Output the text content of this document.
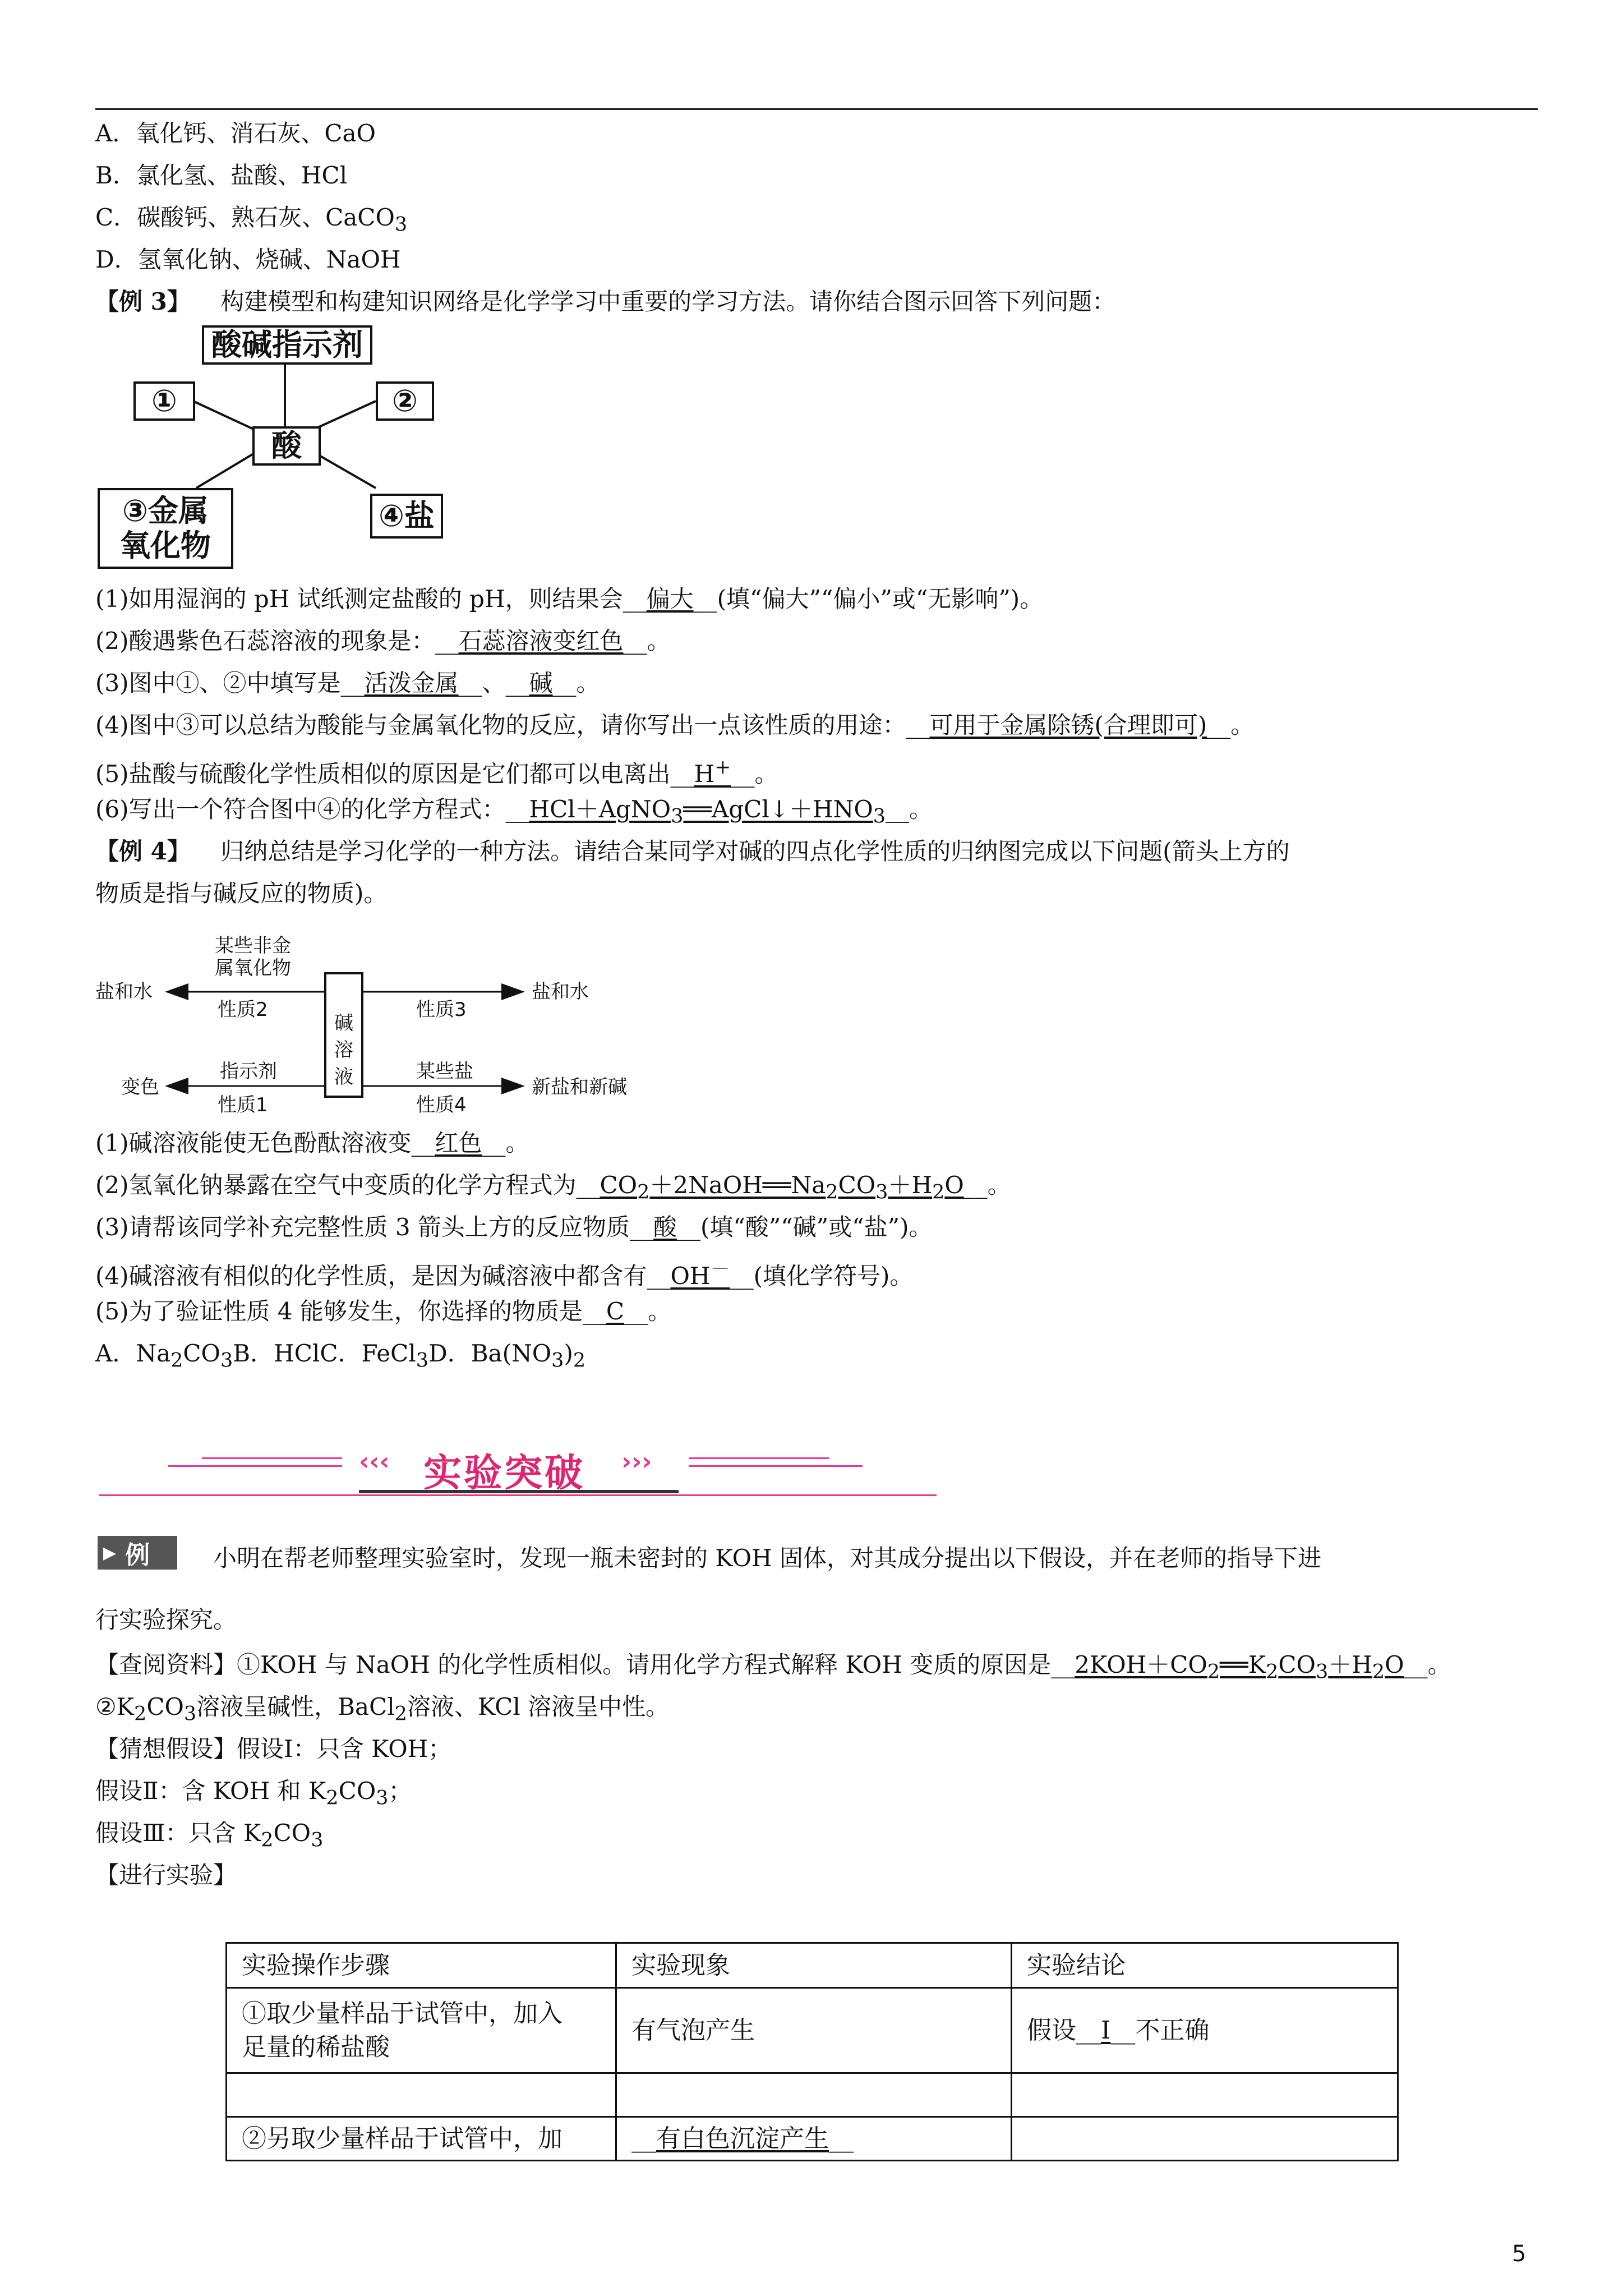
A．氧化钙、消石灰、CaO
B．氯化氢、盐酸、HCl
C．碳酸钙、熟石灰、CaCO$_3$
D．氢氧化钠、烧碱、NaOH
【例 3】 构建模型和构建知识网络是化学学习中重要的学习方法。请你结合图示回答下列问题：
酸碱指示剂
①	②
酸
③金属
氧化物
④盐
(1)如用湿润的 pH 试纸测定盐酸的 pH，则结果会__偏大__(填“偏大”“偏小”或“无影响”)。
(2)酸遇紫色石蕊溶液的现象是：__石蕊溶液变红色__。
(3)图中①、②中填写是__活泼金属__、__碱__。
(4)图中③可以总结为酸能与金属氧化物的反应，请你写出一点该性质的用途：__可用于金属除锈(合理即可)__。
(5)盐酸与硫酸化学性质相似的原因是它们都可以电离出__H+__。
(6)写出一个符合图中④的化学方程式：$\_\_HCl+AgNO_3══AgCl↓+HNO_3\_\_$。
【例 4】 归纳总结是学习化学的一种方法。请结合某同学对碱的四点化学性质的归纳图完成以下问题(箭头上方的
物质是指与碱反应的物质)。
某些非金
属氧化物
盐和水
性质2
碱
溶
液
性质3
盐和水
指示剂
变色
性质1
某些盐
性质4
新盐和新碱
(1)碱溶液能使无色酚酞溶液变__红色__。
(2)氢氧化钠暴露在空气中变质的化学方程式为$\_\_CO_2+2NaOH══Na_2CO_3+H_2O\_\_$。
(3)请帮该同学补充完整性质 3 箭头上方的反应物质__酸__(填“酸”“碱”或“盐”)。
(4)碱溶液有相似的化学性质，是因为碱溶液中都含有__OH－__(填化学符号)。
(5)为了验证性质 4 能够发生，你选择的物质是__C__。
A．$Na_2CO_3B$．HClC．FeCl$_3$D．$Ba(NO_3)_2$
‹‹‹ 实验突破 ›››
▶ 例	小明在帮老师整理实验室时，发现一瓶未密封的 KOH 固体，对其成分提出以下假设，并在老师的指导下进
行实验探究。
【查阅资料】①KOH 与 NaOH 的化学性质相似。请用化学方程式解释 KOH 变质的原因是$\_\_2KOH+CO_2══K_2CO_3+H_2O\_\_$。
$②K_2CO_3$溶液呈碱性，BaCl$_2$溶液、KCl 溶液呈中性。
【猜想假设】假设Ⅰ：只含 KOH；
假设Ⅱ：含 KOH 和 $K_2CO_3$；
假设Ⅲ：只含 $K_2CO_3$
【进行实验】
实验操作步骤	实验现象	实验结论

①取少量样品于试管中，加入
足量的稀盐酸	有气泡产生	假设__Ⅰ__不正确

②另取少量样品于试管中，加	__有白色沉淀产生__	
5
